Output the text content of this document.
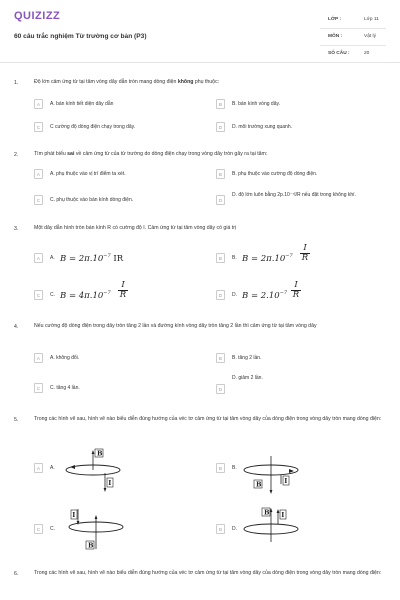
QUIZIZZ
60 câu trắc nghiệm Từ trường cơ bản (P3)
LỚP :	Lớp 11
MÔN :	Vật lý
SỐ CÂU :	20
1.	Độ lớn cảm ứng từ tại tâm vòng dây dẫn tròn mang dòng điện không phụ thuộc:
A	A. bán kính tiết diện dây dẫn	B	B. bán kính vòng dây.
C	C cường độ dòng điện chạy trong dây.	D	D. môi trường xung quanh.
2.	Tìm phát biểu sai về cảm ứng từ của từ trường do dòng điện chạy trong vòng dây tròn gây ra tại tâm:
A	A. phụ thuộc vào vị trí điểm ta xét.	B	B. phụ thuộc vào cường độ dòng điện.
C	C. phụ thuộc vào bán kính dòng điện.	D
D. độ lớn luôn bằng 2p.10⁻⁷I/R nếu đặt trong không khí.
3.	Một dây dẫn hình tròn bán kính R có cường độ I. Cảm ứng từ tại tâm vòng dây có giá trị
A	A. $B = 2\pi.10^{-7}$ IR	B	B. $B = 2\pi.10^{-7} \frac{I}{R}$
C	C. $B = 4\pi.10^{-7} \frac{I}{R}$	D	D. $B = 2.10^{-7} \frac{I}{R}$
4.	Nếu cường độ dòng điện trong dây tròn tăng 2 lần và đường kính vòng dây tròn tăng 2 lần thì cảm ứng từ tại tâm vòng dây
A	A. không đổi.	B	B. tăng 2 lần.
C	C. tăng 4 lần.
D. giảm 2 lần.
D
5.	Trong các hình vẽ sau, hình vẽ nào biểu diễn đúng hướng của véc tơ cảm ứng từ tại tâm vòng dây của dòng điện trong vòng dây tròn mang dòng điện:
A	A.
B
I
B	B.
B	I
C	C.
I
B
D	D.
B I
6.	Trong các hình vẽ sau, hình vẽ nào biểu diễn đúng hướng của véc tơ cảm ứng từ tại tâm vòng dây của dòng điện trong vòng dây tròn mang dòng điện:
